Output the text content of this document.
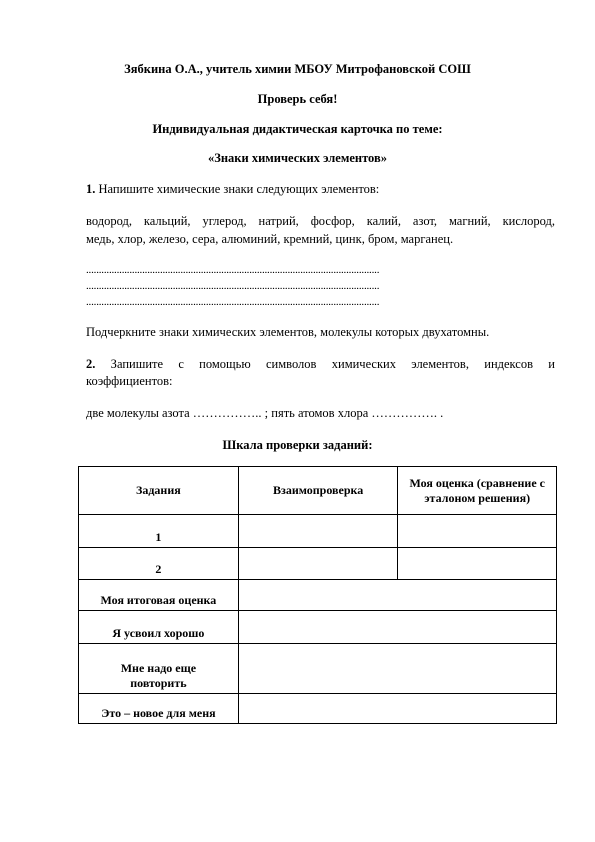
Зябкина О.А., учитель химии МБОУ Митрофановской СОШ
Проверь себя!
Индивидуальная дидактическая карточка по теме:
«Знаки химических элементов»
1. Напишите химические знаки следующих элементов:
водород, кальций, углерод, натрий, фосфор, калий, азот, магний, кислород,
медь, хлор, железо, сера, алюминий, кремний, цинк, бром, марганец.
...................................................................................................................
...................................................................................................................
...................................................................................................................
Подчеркните знаки химических элементов, молекулы которых двухатомны.
2. Запишите с помощью символов химических элементов, индексов и
коэффициентов:
две молекулы азота …………….. ; пять атомов хлора ……………. .
Шкала проверки заданий:
Задания	Взаимопроверка	Моя оценка (сравнение с эталоном решения)
1		
2		
Моя итоговая оценка		
Я усвоил хорошо		
Мне надо еще повторить		
Это – новое для меня		
